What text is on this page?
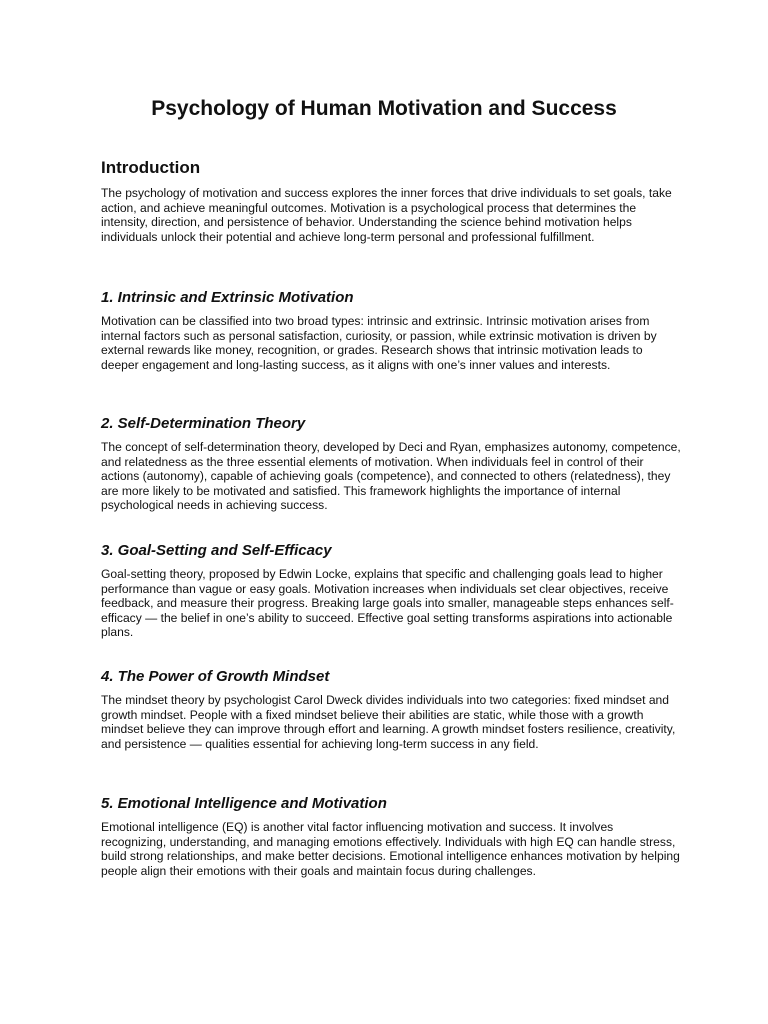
Psychology of Human Motivation and Success
Introduction

The psychology of motivation and success explores the inner forces that drive individuals to set goals, take action, and achieve meaningful outcomes. Motivation is a psychological process that determines the intensity, direction, and persistence of behavior. Understanding the science behind motivation helps individuals unlock their potential and achieve long-term personal and professional fulfillment.

1. Intrinsic and Extrinsic Motivation

Motivation can be classified into two broad types: intrinsic and extrinsic. Intrinsic motivation arises from internal factors such as personal satisfaction, curiosity, or passion, while extrinsic motivation is driven by external rewards like money, recognition, or grades. Research shows that intrinsic motivation leads to deeper engagement and long-lasting success, as it aligns with one’s inner values and interests.

2. Self-Determination Theory

The concept of self-determination theory, developed by Deci and Ryan, emphasizes autonomy, competence, and relatedness as the three essential elements of motivation. When individuals feel in control of their actions (autonomy), capable of achieving goals (competence), and connected to others (relatedness), they are more likely to be motivated and satisfied. This framework highlights the importance of internal psychological needs in achieving success.

3. Goal-Setting and Self-Efficacy

Goal-setting theory, proposed by Edwin Locke, explains that specific and challenging goals lead to higher performance than vague or easy goals. Motivation increases when individuals set clear objectives, receive feedback, and measure their progress. Breaking large goals into smaller, manageable steps enhances self-efficacy — the belief in one’s ability to succeed. Effective goal setting transforms aspirations into actionable plans.

4. The Power of Growth Mindset

The mindset theory by psychologist Carol Dweck divides individuals into two categories: fixed mindset and growth mindset. People with a fixed mindset believe their abilities are static, while those with a growth mindset believe they can improve through effort and learning. A growth mindset fosters resilience, creativity, and persistence — qualities essential for achieving long-term success in any field.

5. Emotional Intelligence and Motivation

Emotional intelligence (EQ) is another vital factor influencing motivation and success. It involves recognizing, understanding, and managing emotions effectively. Individuals with high EQ can handle stress, build strong relationships, and make better decisions. Emotional intelligence enhances motivation by helping people align their emotions with their goals and maintain focus during challenges.
